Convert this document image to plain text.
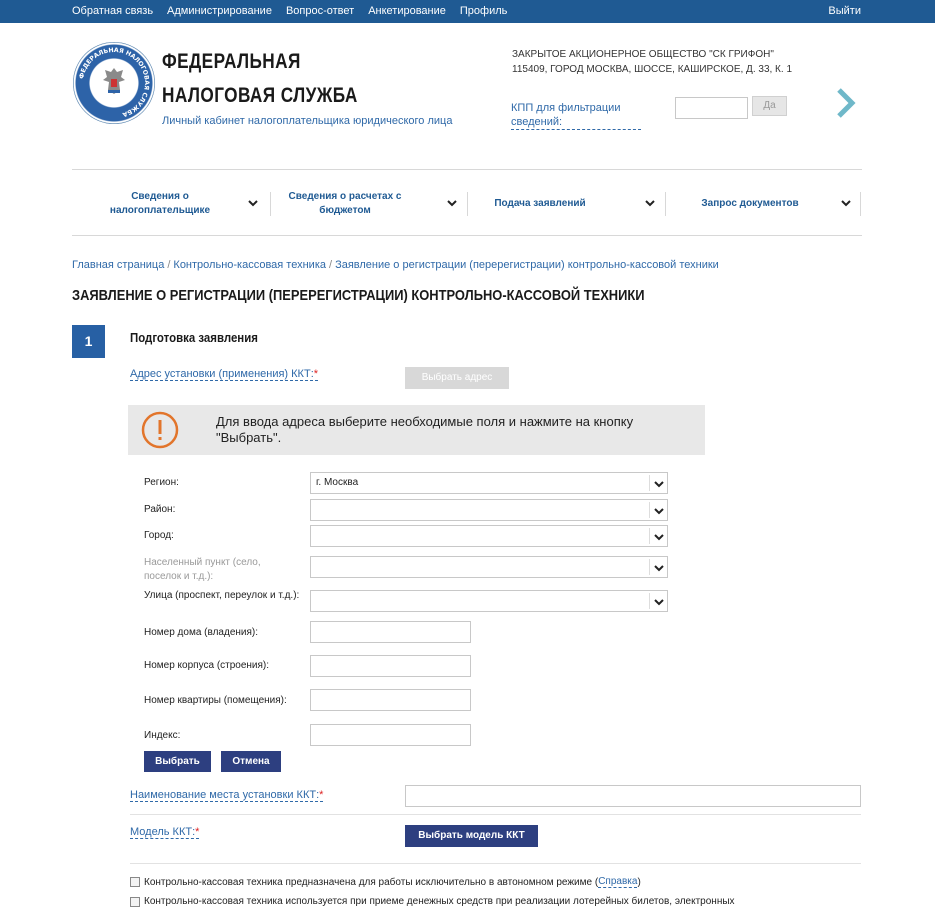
Обратная связь Администрирование Вопрос-ответ Анкетирование Профиль	Выйти
ФЕДЕРАЛЬНАЯ НАЛОГОВАЯ СЛУЖБА
ФЕДЕРАЛЬНАЯ
НАЛОГОВАЯ СЛУЖБА
Личный кабинет налогоплательщика юридического лица
ЗАКРЫТОЕ АКЦИОНЕРНОЕ ОБЩЕСТВО "СК ГРИФОН"
115409, ГОРОД МОСКВА, ШОССЕ, КАШИРСКОЕ, Д. 33, К. 1
КПП для фильтрации сведений:
Да
Сведения о налогоплательщике
Сведения о расчетах с бюджетом
Подача заявлений	Запрос документов
Главная страница / Контрольно-кассовая техника / Заявление о регистрации (перерегистрации) контрольно-кассовой техники
ЗАЯВЛЕНИЕ О РЕГИСТРАЦИИ (ПЕРЕРЕГИСТРАЦИИ) КОНТРОЛЬНО-КАССОВОЙ ТЕХНИКИ
1	Подготовка заявления
Адрес установки (применения) ККТ:*	Выбрать адрес
Для ввода адреса выберите необходимые поля и нажмите на кнопку "Выбрать".
Регион:	г. Москва
Район:
Город:
Населенный пункт (село, поселок и т.д.):
Улица (проспект, переулок и т.д.):
Номер дома (владения):
Номер корпуса (строения):
Номер квартиры (помещения):
Индекс:
Выбрать	Отмена
Наименование места установки ККТ:*
Модель ККТ:*	Выбрать модель ККТ
Контрольно-кассовая техника предназначена для работы исключительно в автономном режиме ( Справка )
Контрольно-кассовая техника используется при приеме денежных средств при реализации лотерейных билетов, электронных
